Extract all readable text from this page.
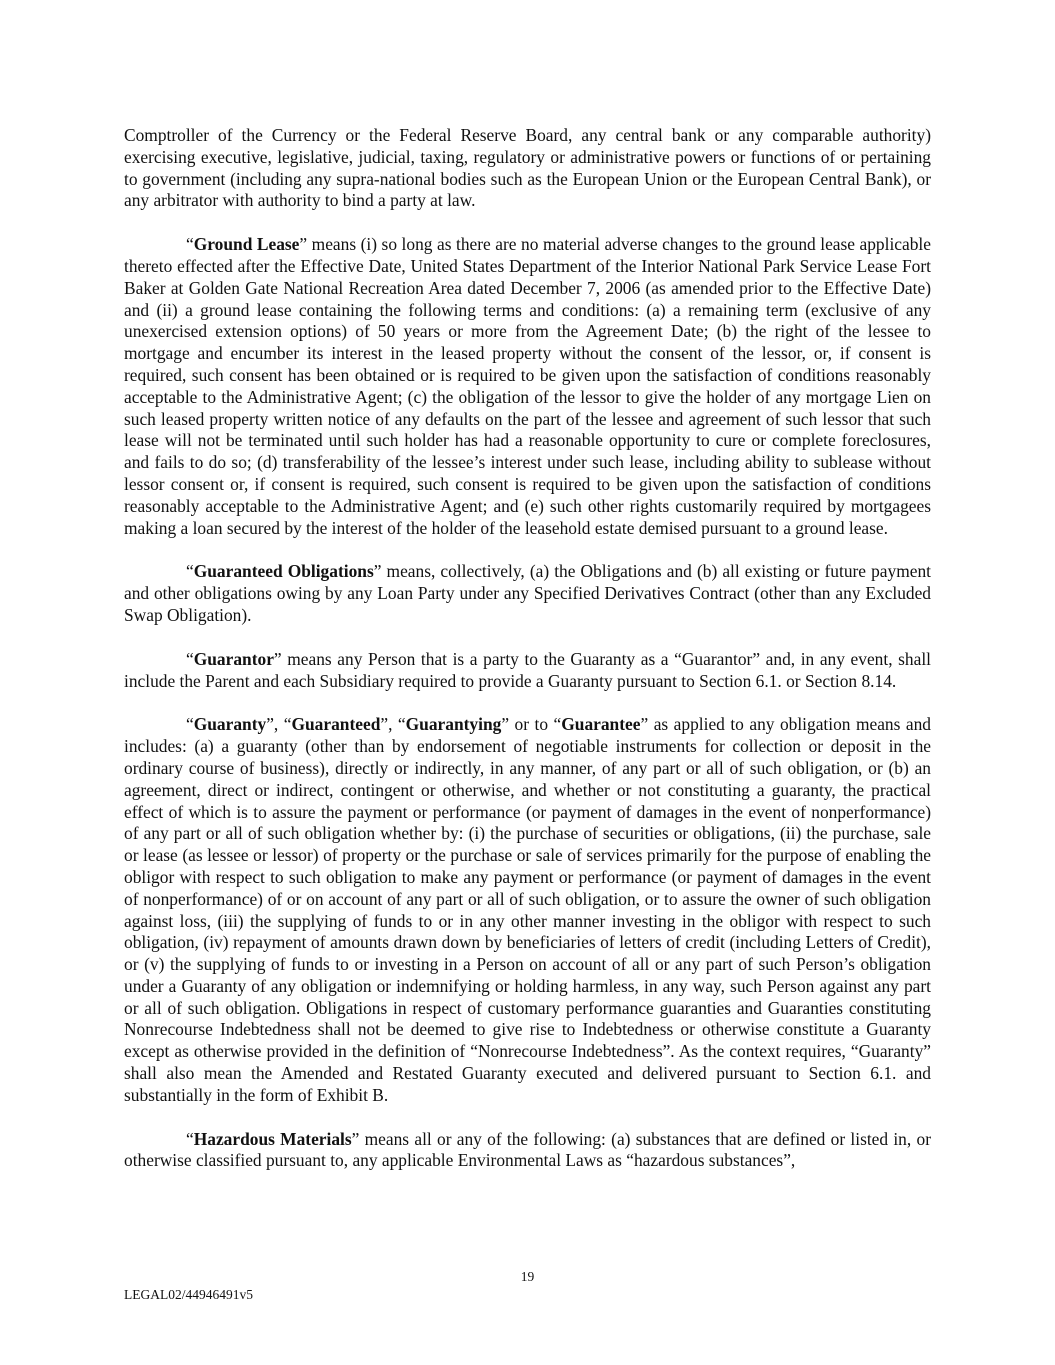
Comptroller of the Currency or the Federal Reserve Board, any central bank or any comparable authority) exercising executive, legislative, judicial, taxing, regulatory or administrative powers or functions of or pertaining to government (including any supra-national bodies such as the European Union or the European Central Bank), or any arbitrator with authority to bind a party at law.

“Ground Lease” means (i) so long as there are no material adverse changes to the ground lease applicable thereto effected after the Effective Date, United States Department of the Interior National Park Service Lease Fort Baker at Golden Gate National Recreation Area dated December 7, 2006 (as amended prior to the Effective Date) and (ii) a ground lease containing the following terms and conditions: (a) a remaining term (exclusive of any unexercised extension options) of 50 years or more from the Agreement Date; (b) the right of the lessee to mortgage and encumber its interest in the leased property without the consent of the lessor, or, if consent is required, such consent has been obtained or is required to be given upon the satisfaction of conditions reasonably acceptable to the Administrative Agent; (c) the obligation of the lessor to give the holder of any mortgage Lien on such leased property written notice of any defaults on the part of the lessee and agreement of such lessor that such lease will not be terminated until such holder has had a reasonable opportunity to cure or complete foreclosures, and fails to do so; (d) transferability of the lessee’s interest under such lease, including ability to sublease without lessor consent or, if consent is required, such consent is required to be given upon the satisfaction of conditions reasonably acceptable to the Administrative Agent; and (e) such other rights customarily required by mortgagees making a loan secured by the interest of the holder of the leasehold estate demised pursuant to a ground lease.

“Guaranteed Obligations” means, collectively, (a) the Obligations and (b) all existing or future payment and other obligations owing by any Loan Party under any Specified Derivatives Contract (other than any Excluded Swap Obligation).

“Guarantor” means any Person that is a party to the Guaranty as a “Guarantor” and, in any event, shall include the Parent and each Subsidiary required to provide a Guaranty pursuant to Section 6.1. or Section 8.14.

“Guaranty”, “Guaranteed”, “Guarantying” or to “Guarantee” as applied to any obligation means and includes: (a) a guaranty (other than by endorsement of negotiable instruments for collection or deposit in the ordinary course of business), directly or indirectly, in any manner, of any part or all of such obligation, or (b) an agreement, direct or indirect, contingent or otherwise, and whether or not constituting a guaranty, the practical effect of which is to assure the payment or performance (or payment of damages in the event of nonperformance) of any part or all of such obligation whether by: (i) the purchase of securities or obligations, (ii) the purchase, sale or lease (as lessee or lessor) of property or the purchase or sale of services primarily for the purpose of enabling the obligor with respect to such obligation to make any payment or performance (or payment of damages in the event of nonperformance) of or on account of any part or all of such obligation, or to assure the owner of such obligation against loss, (iii) the supplying of funds to or in any other manner investing in the obligor with respect to such obligation, (iv) repayment of amounts drawn down by beneficiaries of letters of credit (including Letters of Credit), or (v) the supplying of funds to or investing in a Person on account of all or any part of such Person’s obligation under a Guaranty of any obligation or indemnifying or holding harmless, in any way, such Person against any part or all of such obligation. Obligations in respect of customary performance guaranties and Guaranties constituting Nonrecourse Indebtedness shall not be deemed to give rise to Indebtedness or otherwise constitute a Guaranty except as otherwise provided in the definition of “Nonrecourse Indebtedness”. As the context requires, “Guaranty” shall also mean the Amended and Restated Guaranty executed and delivered pursuant to Section 6.1. and substantially in the form of Exhibit B.

“Hazardous Materials” means all or any of the following: (a) substances that are defined or listed in, or otherwise classified pursuant to, any applicable Environmental Laws as “hazardous substances”,

19
LEGAL02/44946491v5
